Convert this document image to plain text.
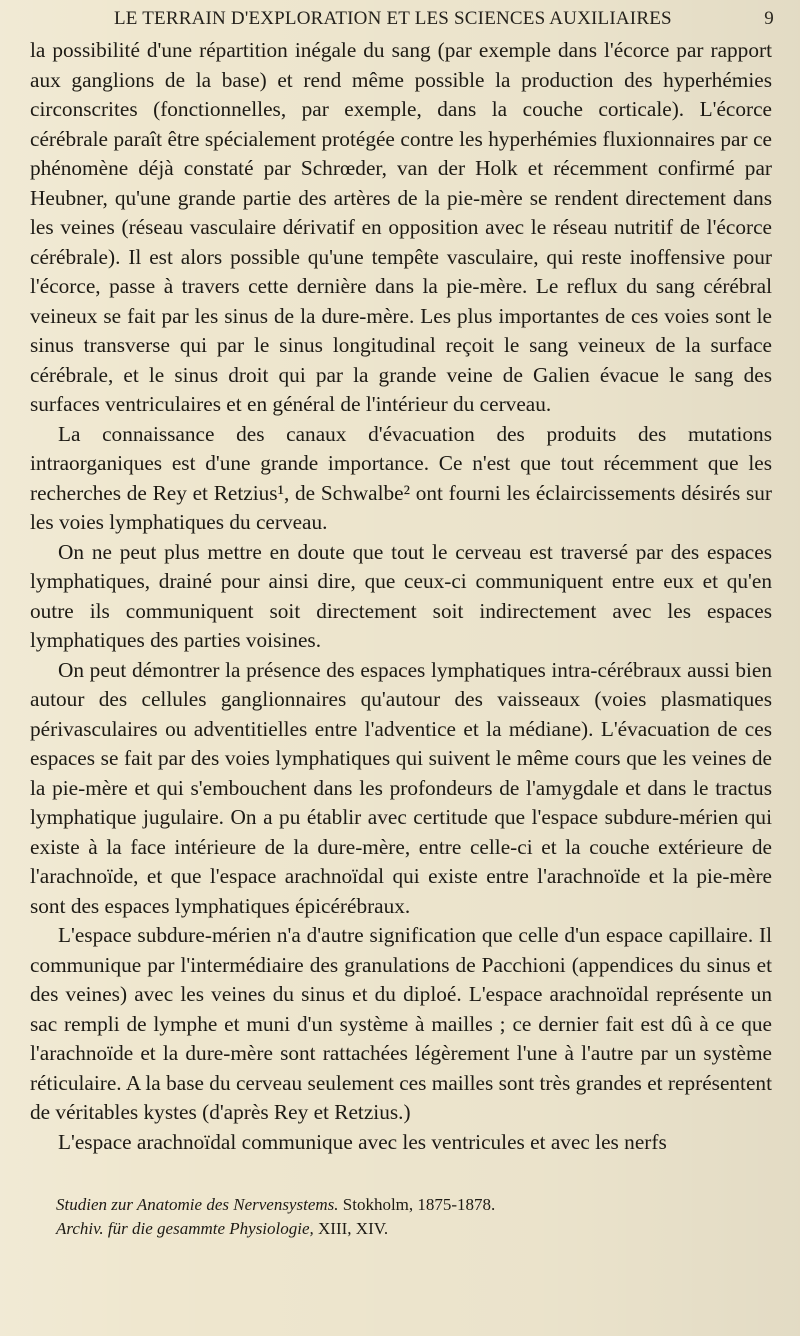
LE TERRAIN D'EXPLORATION ET LES SCIENCES AUXILIAIRES	9

la possibilité d'une répartition inégale du sang (par exemple dans l'écorce par rapport aux ganglions de la base) et rend même possible la production des hyperhémies circonscrites (fonctionnelles, par exemple, dans la couche corticale). L'écorce cérébrale paraît être spécialement protégée contre les hyperhémies fluxionnaires par ce phénomène déjà constaté par Schrœder, van der Holk et récemment confirmé par Heubner, qu'une grande partie des artères de la pie-mère se rendent directement dans les veines (réseau vasculaire dérivatif en opposition avec le réseau nutritif de l'écorce cérébrale). Il est alors possible qu'une tempête vasculaire, qui reste inoffensive pour l'écorce, passe à travers cette dernière dans la pie-mère. Le reflux du sang cérébral veineux se fait par les sinus de la dure-mère. Les plus importantes de ces voies sont le sinus transverse qui par le sinus longitudinal reçoit le sang veineux de la surface cérébrale, et le sinus droit qui par la grande veine de Galien évacue le sang des surfaces ventriculaires et en général de l'intérieur du cerveau.

La connaissance des canaux d'évacuation des produits des mutations intraorganiques est d'une grande importance. Ce n'est que tout récemment que les recherches de Rey et Retzius¹, de Schwalbe² ont fourni les éclaircissements désirés sur les voies lymphatiques du cerveau.

On ne peut plus mettre en doute que tout le cerveau est traversé par des espaces lymphatiques, drainé pour ainsi dire, que ceux-ci communiquent entre eux et qu'en outre ils communiquent soit directement soit indirectement avec les espaces lymphatiques des parties voisines.

On peut démontrer la présence des espaces lymphatiques intra-cérébraux aussi bien autour des cellules ganglionnaires qu'autour des vaisseaux (voies plasmatiques périvasculaires ou adventitielles entre l'adventice et la médiane). L'évacuation de ces espaces se fait par des voies lymphatiques qui suivent le même cours que les veines de la pie-mère et qui s'embouchent dans les profondeurs de l'amygdale et dans le tractus lymphatique jugulaire. On a pu établir avec certitude que l'espace subdure-mérien qui existe à la face intérieure de la dure-mère, entre celle-ci et la couche extérieure de l'arachnoïde, et que l'espace arachnoïdal qui existe entre l'arachnoïde et la pie-mère sont des espaces lymphatiques épicérébraux.

L'espace subdure-mérien n'a d'autre signification que celle d'un espace capillaire. Il communique par l'intermédiaire des granulations de Pacchioni (appendices du sinus et des veines) avec les veines du sinus et du diploé. L'espace arachnoïdal représente un sac rempli de lymphe et muni d'un système à mailles ; ce dernier fait est dû à ce que l'arachnoïde et la dure-mère sont rattachées légèrement l'une à l'autre par un système réticulaire. A la base du cerveau seulement ces mailles sont très grandes et représentent de véritables kystes (d'après Rey et Retzius.)

L'espace arachnoïdal communique avec les ventricules et avec les nerfs

Studien zur Anatomie des Nervensystems. Stokholm, 1875-1878.

Archiv. für die gesammte Physiologie, XIII, XIV.
